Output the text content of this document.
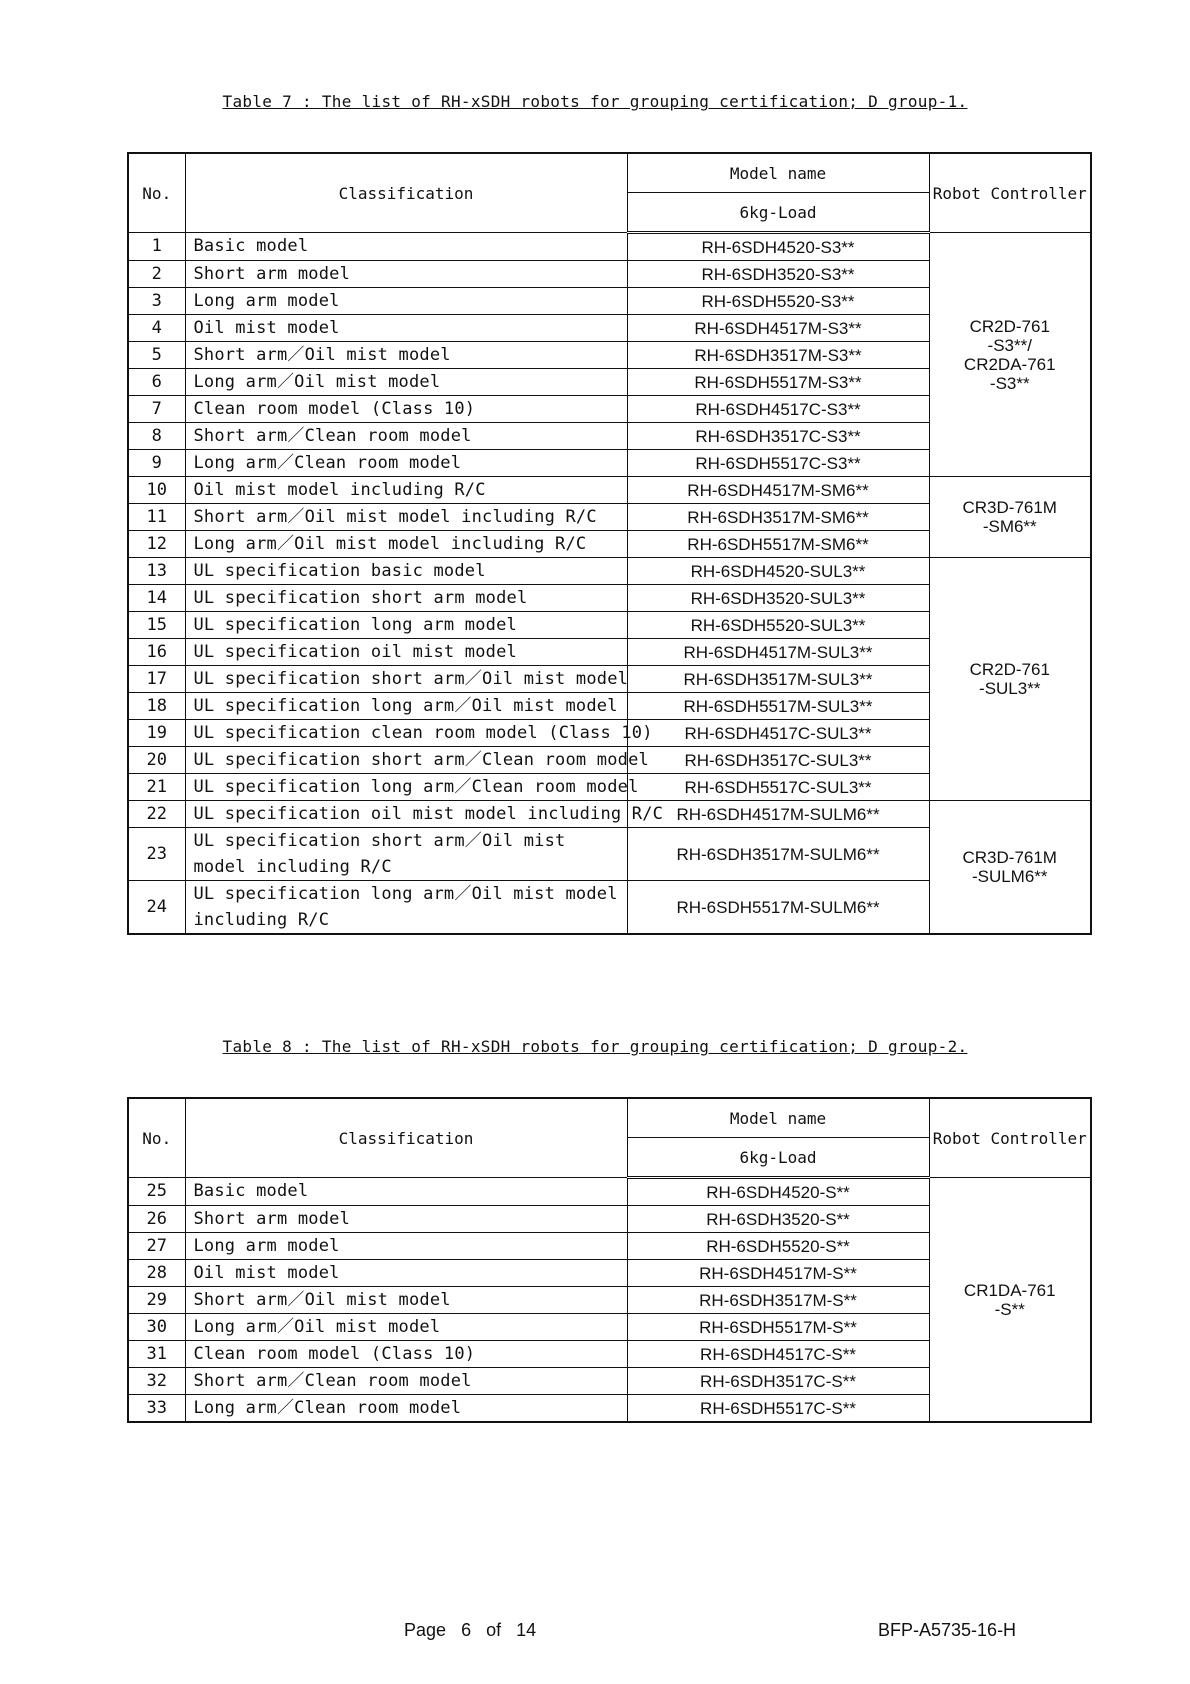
Table 7 : The list of RH-xSDH robots for grouping certification; D group-1.
No.	Classification	Model name	Robot Controller
		6kg-Load	
1	Basic model	RH-6SDH4520-S3**	CR2D-761
-S3**/
CR2DA-761
-S3**

2	Short arm model	RH-6SDH3520-S3**	
3	Long arm model	RH-6SDH5520-S3**	
4	Oil mist model	RH-6SDH4517M-S3**	
5	Short arm／Oil mist model	RH-6SDH3517M-S3**	
6	Long arm／Oil mist model	RH-6SDH5517M-S3**	
7	Clean room model (Class 10)	RH-6SDH4517C-S3**	
8	Short arm／Clean room model	RH-6SDH3517C-S3**	
9	Long arm／Clean room model	RH-6SDH5517C-S3**	
10	Oil mist model including R/C	RH-6SDH4517M-SM6**	CR3D-761M
-SM6**

11	Short arm／Oil mist model including R/C	RH-6SDH3517M-SM6**	
12	Long arm／Oil mist model including R/C	RH-6SDH5517M-SM6**	
13	UL specification basic model	RH-6SDH4520-SUL3**	CR2D-761
-SUL3**

14	UL specification short arm model	RH-6SDH3520-SUL3**	
15	UL specification long arm model	RH-6SDH5520-SUL3**	
16	UL specification oil mist model	RH-6SDH4517M-SUL3**	
17	UL specification short arm／Oil mist model	RH-6SDH3517M-SUL3**	
18	UL specification long arm／Oil mist model	RH-6SDH5517M-SUL3**	
19	UL specification clean room model (Class 10)	RH-6SDH4517C-SUL3**	
20	UL specification short arm／Clean room model	RH-6SDH3517C-SUL3**	
21	UL specification long arm／Clean room model	RH-6SDH5517C-SUL3**	
22	UL specification oil mist model including R/C	RH-6SDH4517M-SULM6**	CR3D-761M
-SULM6**

23	UL specification short arm／Oil mist model including R/C	RH-6SDH3517M-SULM6**	
24	UL specification long arm／Oil mist model including R/C	RH-6SDH5517M-SULM6**	
Table 8 : The list of RH-xSDH robots for grouping certification; D group-2.
No.	Classification	Model name	Robot Controller
		6kg-Load	
25	Basic model	RH-6SDH4520-S**	CR1DA-761
-S**

26	Short arm model	RH-6SDH3520-S**	
27	Long arm model	RH-6SDH5520-S**	
28	Oil mist model	RH-6SDH4517M-S**	
29	Short arm／Oil mist model	RH-6SDH3517M-S**	
30	Long arm／Oil mist model	RH-6SDH5517M-S**	
31	Clean room model (Class 10)	RH-6SDH4517C-S**	
32	Short arm／Clean room model	RH-6SDH3517C-S**	
33	Long arm／Clean room model	RH-6SDH5517C-S**	
Page 6 of 14	BFP-A5735-16-H
